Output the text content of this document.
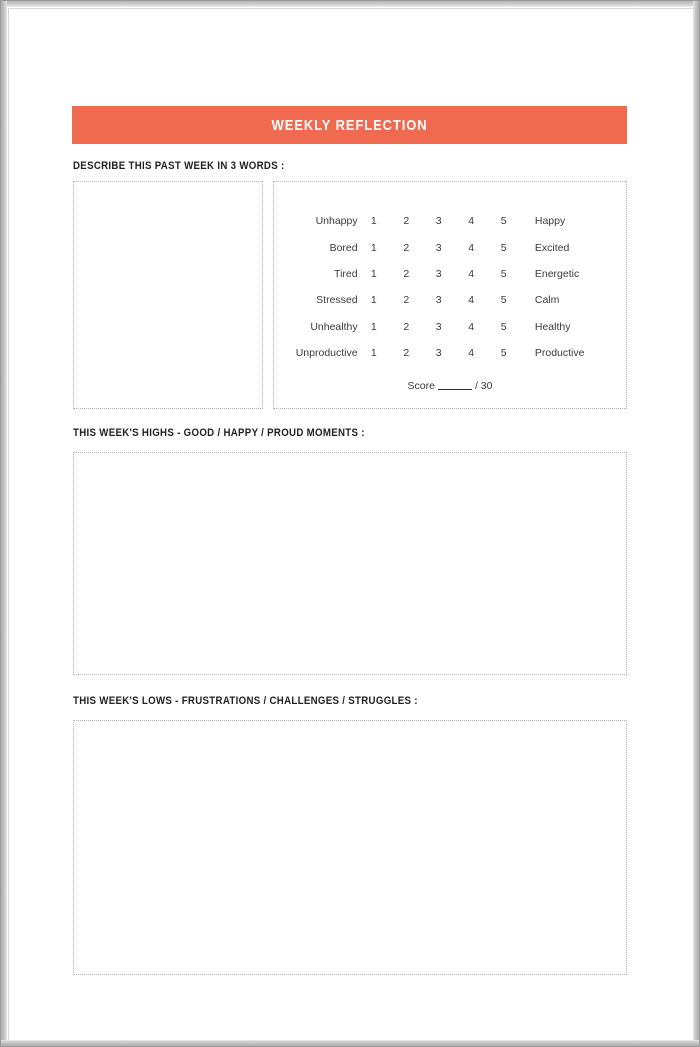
WEEKLY REFLECTION
DESCRIBE THIS PAST WEEK IN 3 WORDS :
Unhappy	1	2	3	4	5	Happy
Bored	1	2	3	4	5	Excited
Tired	1	2	3	4	5	Energetic
Stressed	1	2	3	4	5	Calm
Unhealthy	1	2	3	4	5	Healthy
Unproductive	1	2	3	4	5	Productive
Score	/ 30
THIS WEEK'S HIGHS - GOOD / HAPPY / PROUD MOMENTS :
THIS WEEK'S LOWS - FRUSTRATIONS / CHALLENGES / STRUGGLES :
